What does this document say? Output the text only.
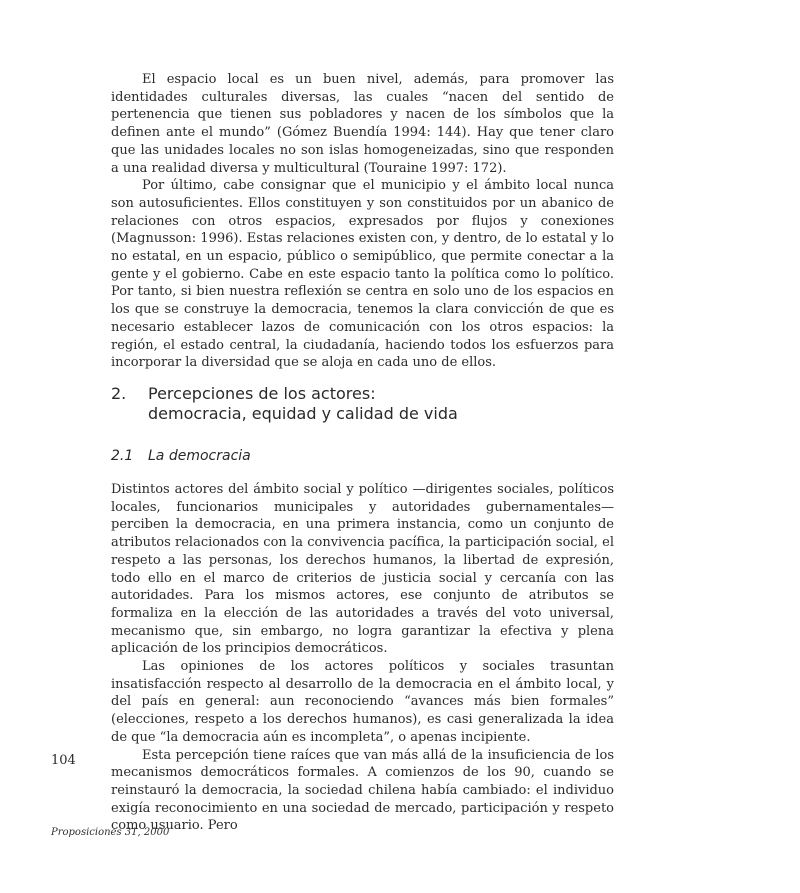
El espacio local es un buen nivel, además, para promover las identidades culturales diversas, las cuales “nacen del sentido de pertenencia que tienen sus pobladores y nacen de los símbolos que la definen ante el mundo” (Gómez Buendía 1994: 144). Hay que tener claro que las unidades locales no son islas homogeneizadas, sino que responden a una realidad diversa y multicultural (Touraine 1997: 172).

Por último, cabe consignar que el municipio y el ámbito local nunca son autosuficientes. Ellos constituyen y son constituidos por un abanico de relaciones con otros espacios, expresados por flujos y conexiones (Magnusson: 1996). Estas relaciones existen con, y dentro, de lo estatal y lo no estatal, en un espacio, público o semipúblico, que permite conectar a la gente y el gobierno. Cabe en este espacio tanto la política como lo político. Por tanto, si bien nuestra reflexión se centra en solo uno de los espacios en los que se construye la democracia, tenemos la clara convicción de que es necesario establecer lazos de comunicación con los otros espacios: la región, el estado central, la ciudadanía, haciendo todos los esfuerzos para incorporar la diversidad que se aloja en cada uno de ellos.

2. Percepciones de los actores:
democracia, equidad y calidad de vida
2.1 La democracia

Distintos actores del ámbito social y político —dirigentes sociales, políticos locales, funcionarios municipales y autoridades gubernamentales— perciben la democracia, en una primera instancia, como un conjunto de atributos relacionados con la convivencia pacífica, la participación social, el respeto a las personas, los derechos humanos, la libertad de expresión, todo ello en el marco de criterios de justicia social y cercanía con las autoridades. Para los mismos actores, ese conjunto de atributos se formaliza en la elección de las autoridades a través del voto universal, mecanismo que, sin embargo, no logra garantizar la efectiva y plena aplicación de los principios democráticos.

Las opiniones de los actores políticos y sociales trasuntan insatisfacción respecto al desarrollo de la democracia en el ámbito local, y del país en general: aun reconociendo “avances más bien formales” (elecciones, respeto a los derechos humanos), es casi generalizada la idea de que “la democracia aún es incompleta”, o apenas incipiente.

Esta percepción tiene raíces que van más allá de la insuficiencia de los mecanismos democráticos formales. A comienzos de los 90, cuando se reinstauró la democracia, la sociedad chilena había cambiado: el individuo exigía reconocimiento en una sociedad de mercado, participación y respeto como usuario. Pero

104
Proposiciones 31, 2000
